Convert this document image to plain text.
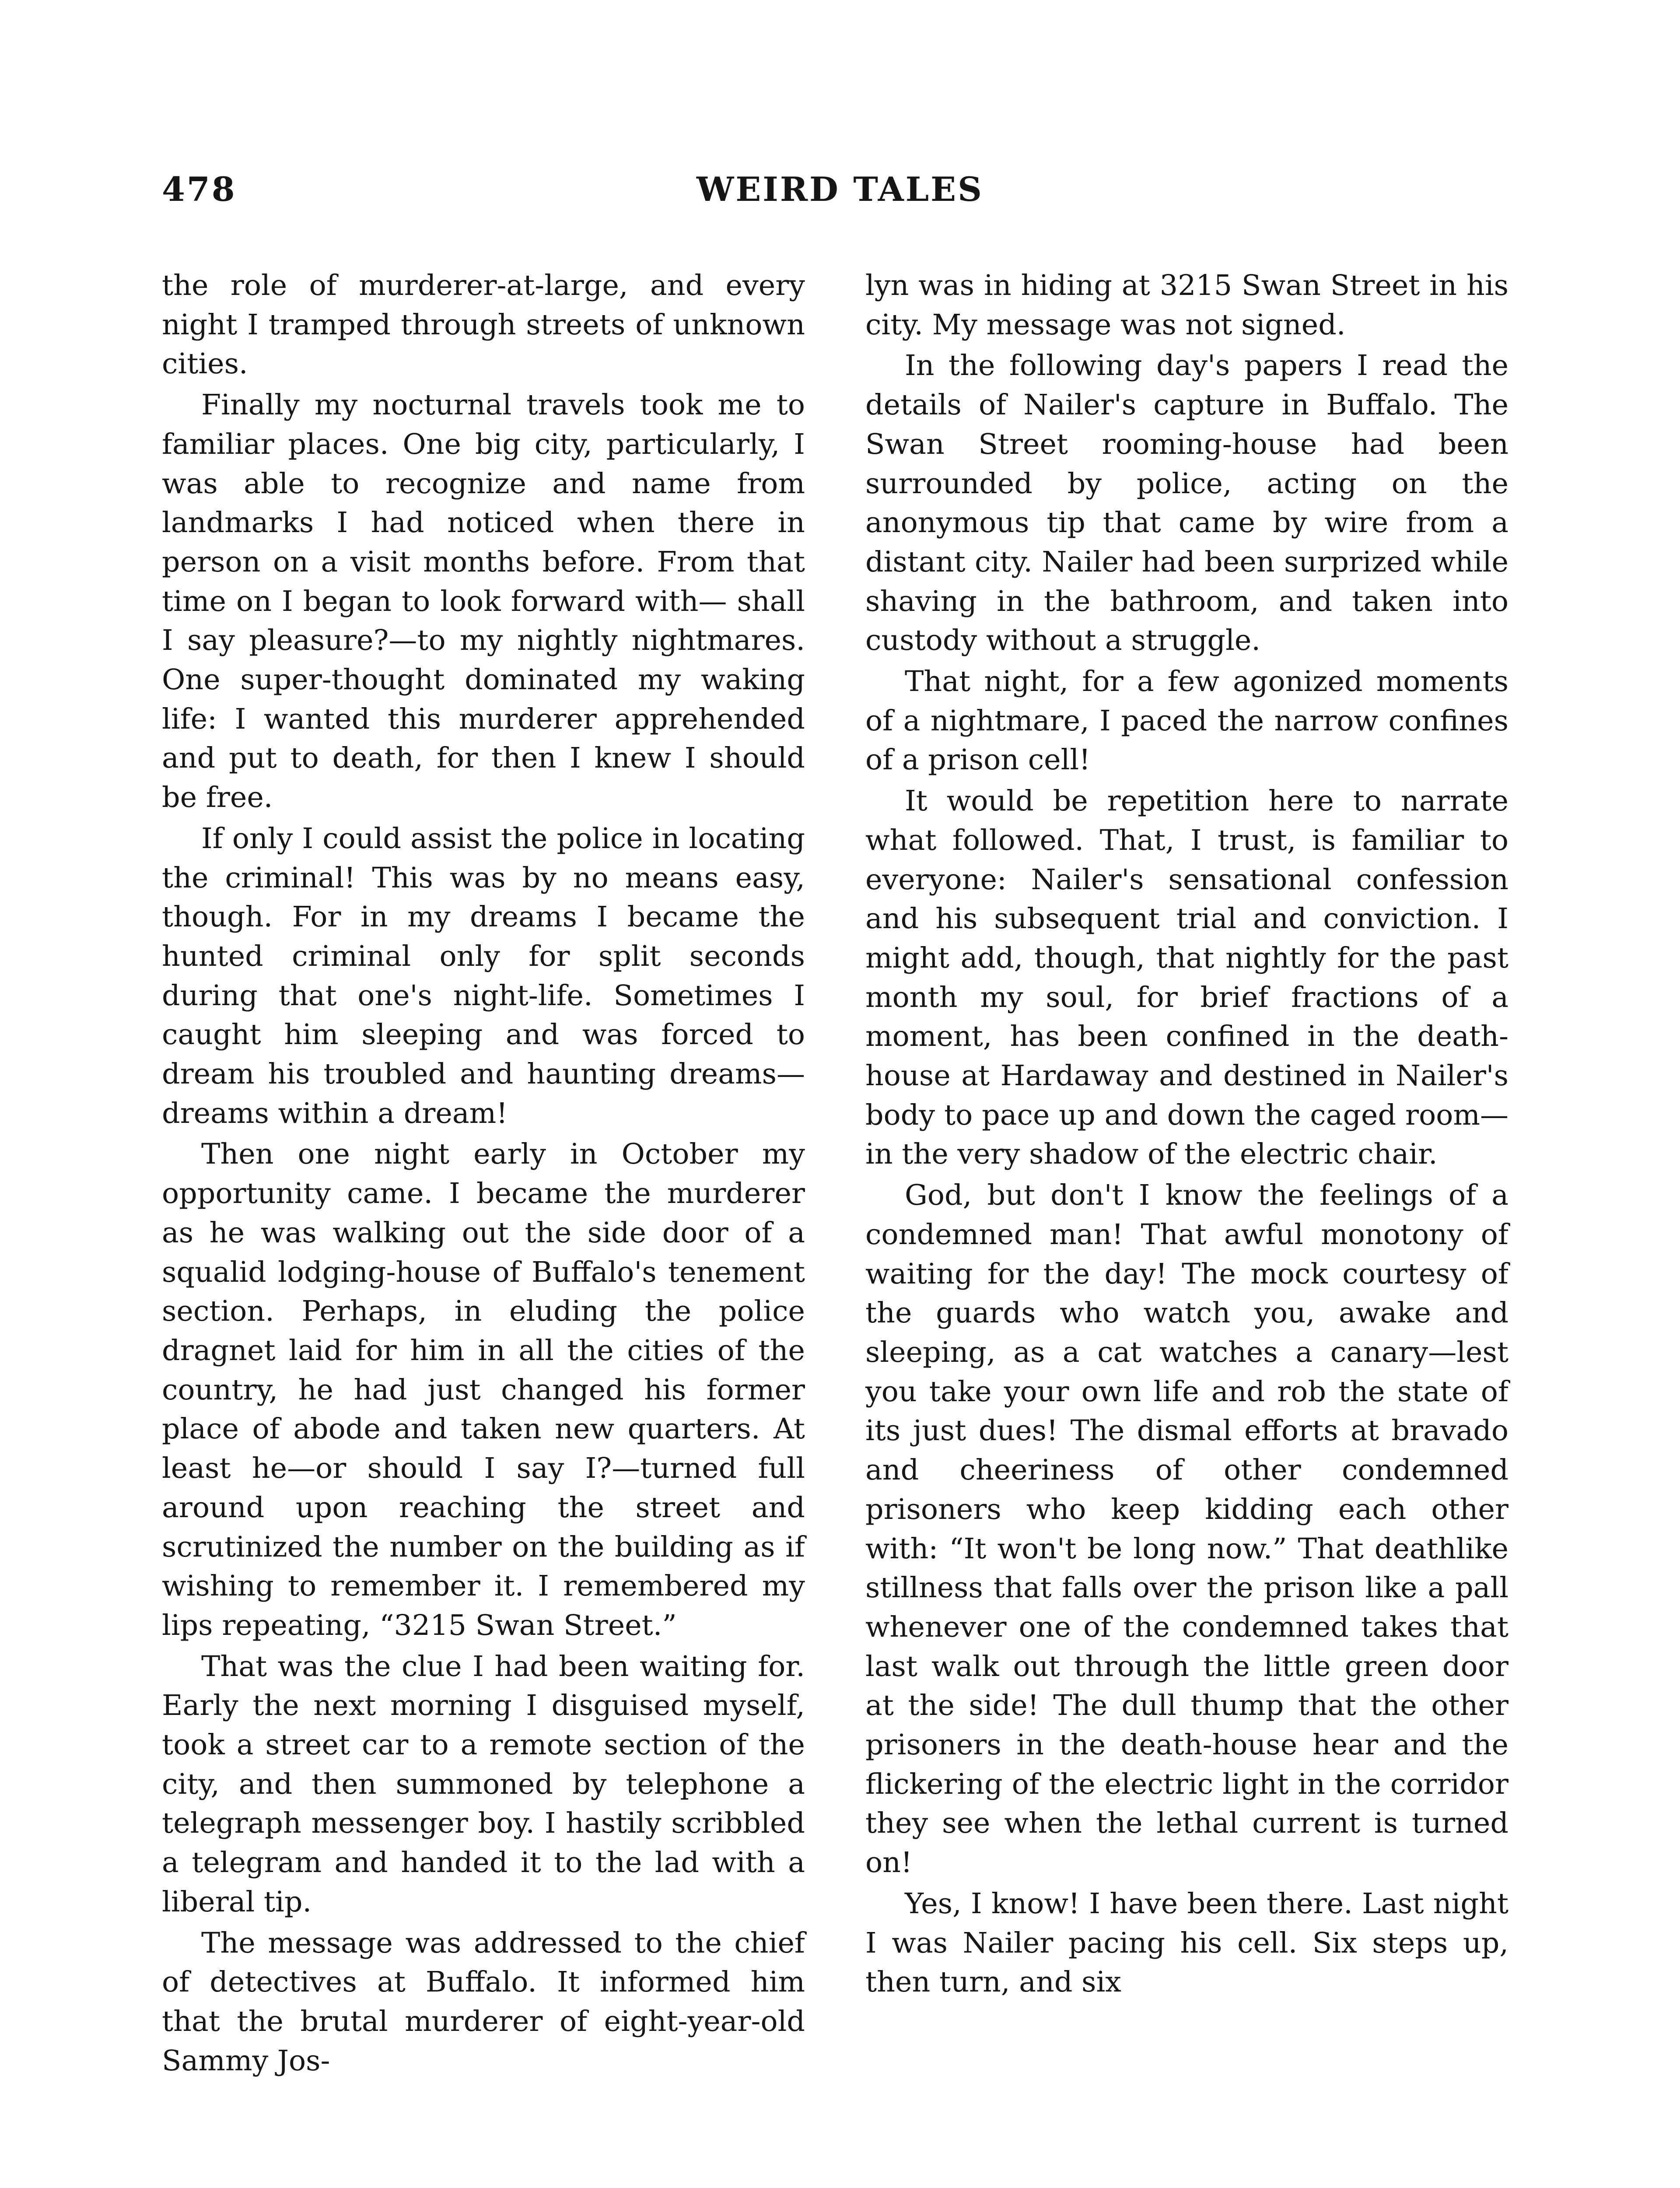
478	WEIRD TALES

the role of murderer-at-large, and every night I tramped through streets of unknown cities.

Finally my nocturnal travels took me to familiar places. One big city, particularly, I was able to recognize and name from landmarks I had noticed when there in person on a visit months before. From that time on I began to look forward with— shall I say pleasure?—to my nightly nightmares. One super-thought dominated my waking life: I wanted this murderer apprehended and put to death, for then I knew I should be free.

If only I could assist the police in locating the criminal! This was by no means easy, though. For in my dreams I became the hunted criminal only for split seconds during that one's night-life. Sometimes I caught him sleeping and was forced to dream his troubled and haunting dreams—dreams within a dream!

Then one night early in October my opportunity came. I became the murderer as he was walking out the side door of a squalid lodging-house of Buffalo's tenement section. Perhaps, in eluding the police dragnet laid for him in all the cities of the country, he had just changed his former place of abode and taken new quarters. At least he—or should I say I?—turned full around upon reaching the street and scrutinized the number on the building as if wishing to remember it. I remembered my lips repeating, “3215 Swan Street.”

That was the clue I had been waiting for. Early the next morning I disguised myself, took a street car to a remote section of the city, and then summoned by telephone a telegraph messenger boy. I hastily scribbled a telegram and handed it to the lad with a liberal tip.

The message was addressed to the chief of detectives at Buffalo. It informed him that the brutal murderer of eight-year-old Sammy Jos-

lyn was in hiding at 3215 Swan Street in his city. My message was not signed.

In the following day's papers I read the details of Nailer's capture in Buffalo. The Swan Street rooming-house had been surrounded by police, acting on the anonymous tip that came by wire from a distant city. Nailer had been surprized while shaving in the bathroom, and taken into custody without a struggle.

That night, for a few agonized moments of a nightmare, I paced the narrow confines of a prison cell!

It would be repetition here to narrate what followed. That, I trust, is familiar to everyone: Nailer's sensational confession and his subsequent trial and conviction. I might add, though, that nightly for the past month my soul, for brief fractions of a moment, has been confined in the death-house at Hardaway and destined in Nailer's body to pace up and down the caged room— in the very shadow of the electric chair.

God, but don't I know the feelings of a condemned man! That awful monotony of waiting for the day! The mock courtesy of the guards who watch you, awake and sleeping, as a cat watches a canary—lest you take your own life and rob the state of its just dues! The dismal efforts at bravado and cheeriness of other condemned prisoners who keep kidding each other with: “It won't be long now.” That deathlike stillness that falls over the prison like a pall whenever one of the condemned takes that last walk out through the little green door at the side! The dull thump that the other prisoners in the death-house hear and the flickering of the electric light in the corridor they see when the lethal current is turned on!

Yes, I know! I have been there. Last night I was Nailer pacing his cell. Six steps up, then turn, and six
